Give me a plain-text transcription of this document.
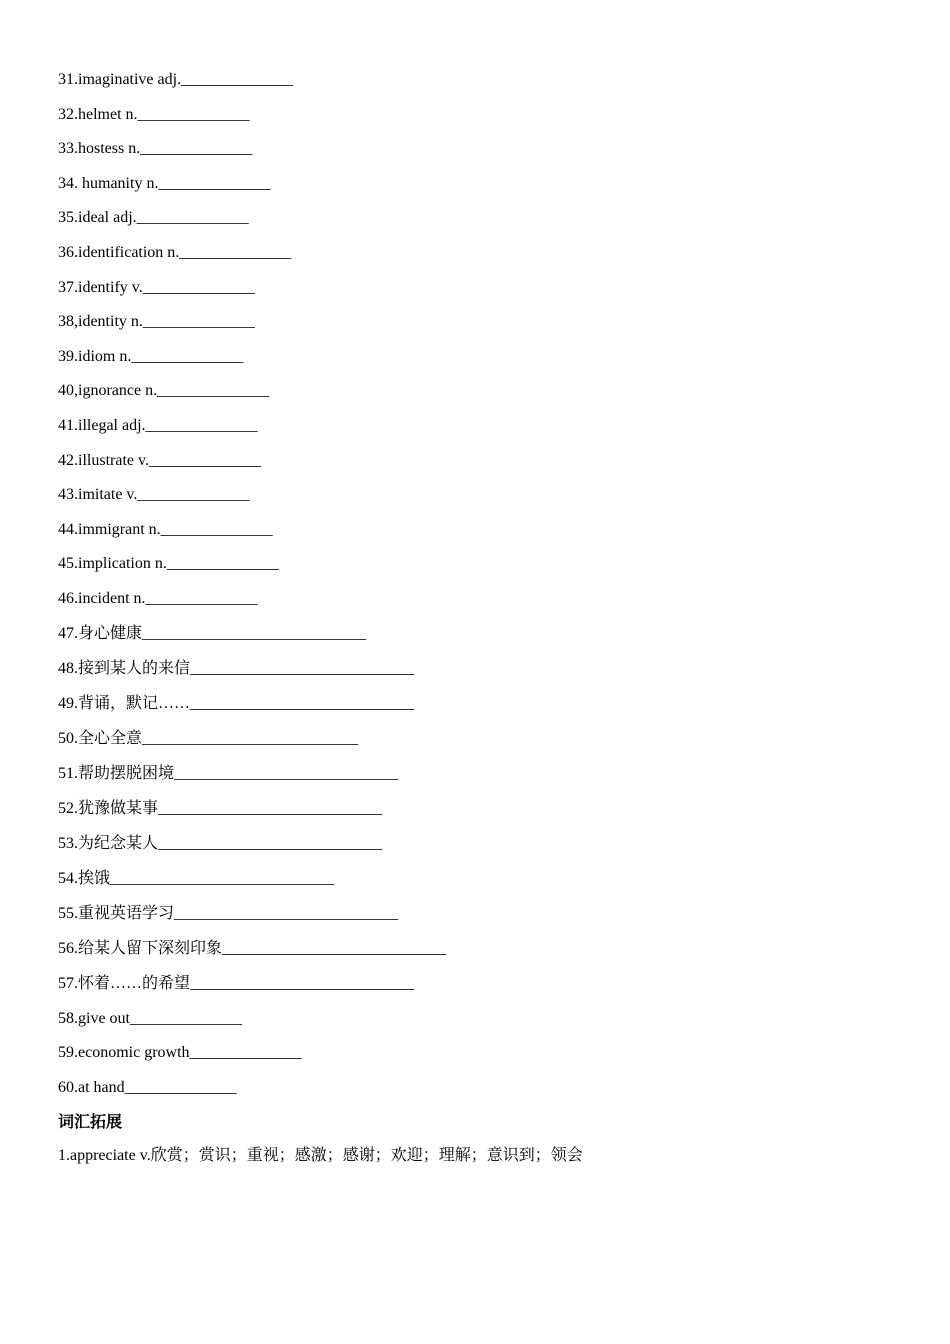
31.imaginative adj.______________
32.helmet n.______________
33.hostess n.______________
34. humanity n.______________
35.ideal adj.______________
36.identification n.______________
37.identify v.______________
38,identity n.______________
39.idiom n.______________
40,ignorance n.______________
41.illegal adj.______________
42.illustrate v.______________
43.imitate v.______________
44.immigrant n.______________
45.implication n.______________
46.incident n.______________
47.身心健康____________________________
48.接到某人的来信____________________________
49.背诵，默记……____________________________
50.全心全意___________________________
51.帮助摆脱困境____________________________
52.犹豫做某事____________________________
53.为纪念某人____________________________
54.挨饿____________________________
55.重视英语学习____________________________
56.给某人留下深刻印象____________________________
57.怀着……的希望____________________________
58.give out______________
59.economic growth______________
60.at hand______________
词汇拓展
1.appreciate v.欣赏；赏识；重视；感激；感谢；欢迎；理解；意识到；领会
